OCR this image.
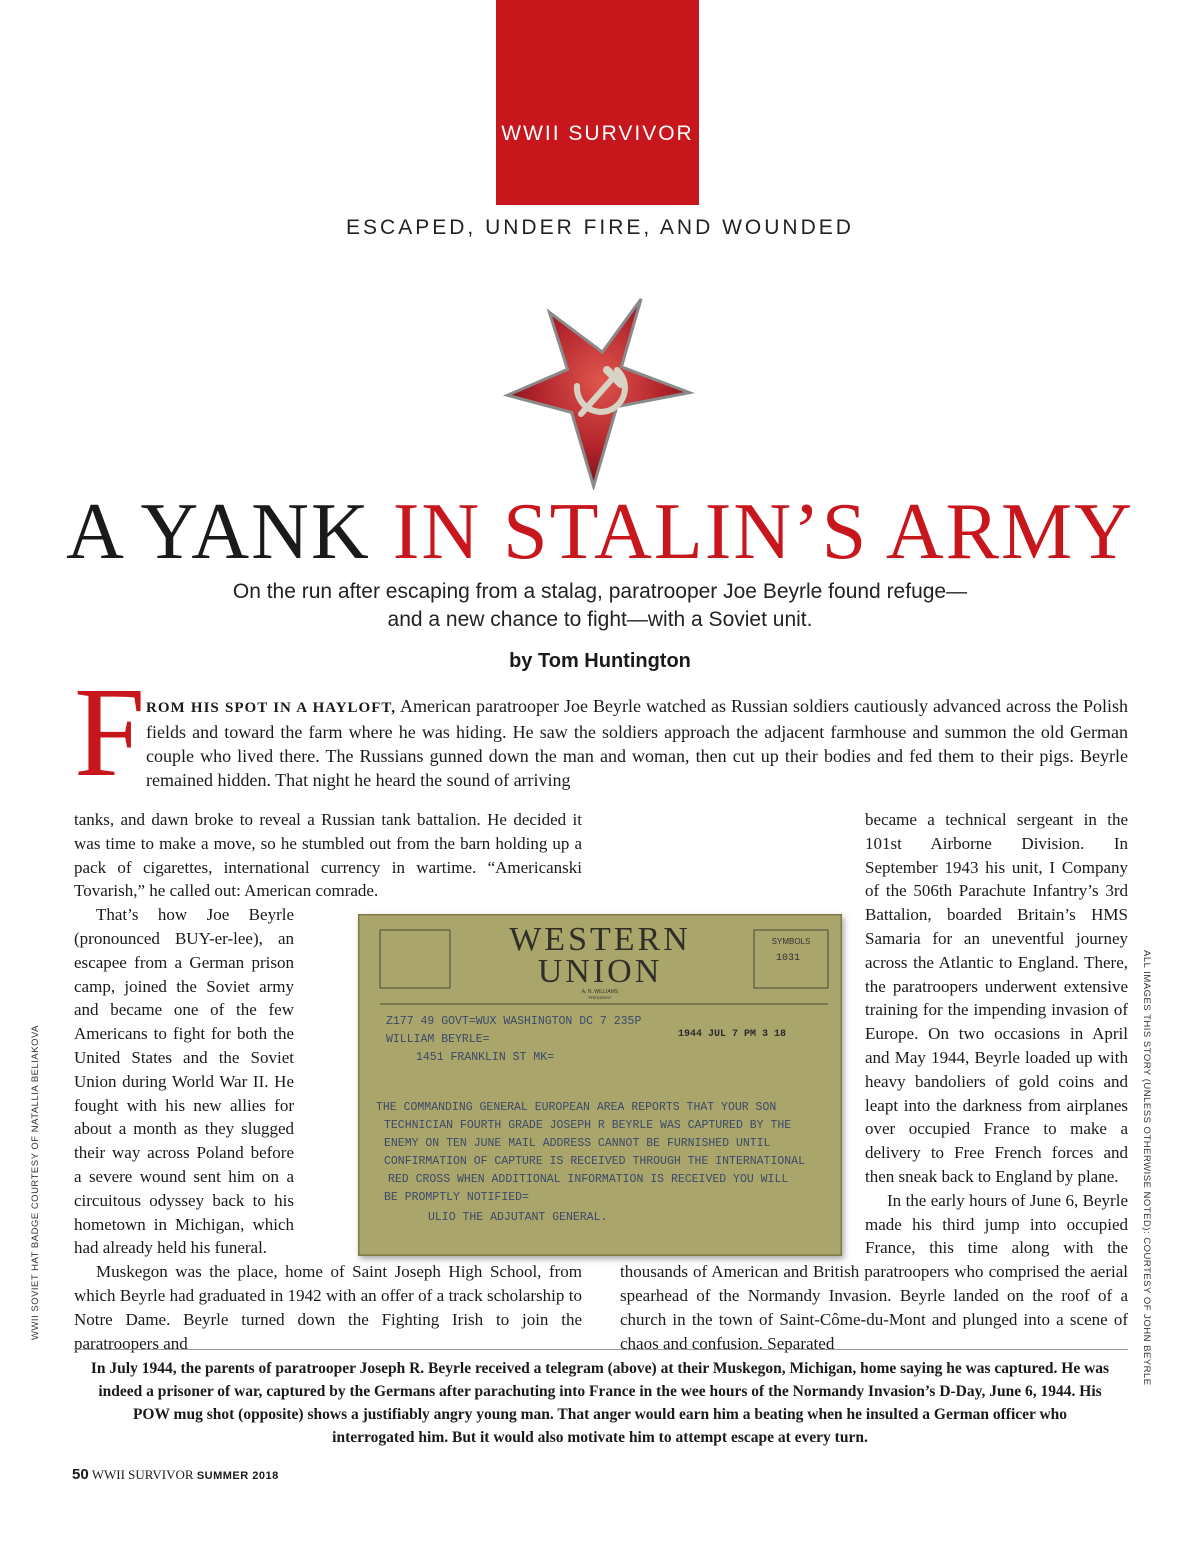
WWII SURVIVOR
ESCAPED, UNDER FIRE, AND WOUNDED
A YANK IN STALIN’S ARMY
On the run after escaping from a stalag, paratrooper Joe Beyrle found refuge—
and a new chance to fight—with a Soviet unit.
by Tom Huntington
F ROM HIS SPOT IN A HAYLOFT, American paratrooper Joe Beyrle watched as Russian soldiers cautiously advanced across the Polish fields and toward the farm where he was hiding. He saw the soldiers approach the adjacent farmhouse and summon the old German couple who lived there. The Russians gunned down the man and woman, then cut up their bodies and fed them to their pigs. Beyrle remained hidden. That night he heard the sound of arriving

tanks, and dawn broke to reveal a Russian tank battalion. He decided it was time to make a move, so he stumbled out from the barn holding up a pack of cigarettes, international currency in wartime. “Americanski Tovarish,” he called out: American comrade.

That’s how Joe Beyrle (pronounced BUY-er-lee), an escapee from a German prison camp, joined the Soviet army and became one of the few Americans to fight for both the United States and the Soviet Union during World War II. He fought with his new allies for about a month as they slugged their way across Poland before a severe wound sent him on a circuitous odyssey back to his hometown in Michigan, which had already held his funeral.

Muskegon was the place, home of Saint Joseph High School, from which Beyrle had graduated in 1942 with an offer of a track scholarship to Notre Dame. Beyrle turned down the Fighting Irish to join the paratroopers and

became a technical sergeant in the 101st Airborne Division. In September 1943 his unit, I Company of the 506th Parachute Infantry’s 3rd Battalion, boarded Britain’s HMS Samaria for an uneventful journey across the Atlantic to England. There, the paratroopers underwent extensive training for the impending invasion of Europe. On two occasions in April and May 1944, Beyrle loaded up with heavy bandoliers of gold coins and leapt into the darkness from airplanes over occupied France to make a delivery to Free French forces and then sneak back to England by plane.

In the early hours of June 6, Beyrle made his third jump into occupied France, this time along with the thousands of American and British paratroopers who comprised the aerial spearhead of the Normandy Invasion. Beyrle landed on the roof of a church in the town of Saint-Côme-du-Mont and plunged into a scene of chaos and confusion. Separated

SYMBOLS
1031
WESTERN
UNION
A. N. WILLIAMS
PRESIDENT
Z177 49 GOVT=WUX WASHINGTON DC 7 235P
WILLIAM BEYRLE=
1451 FRANKLIN ST MK=
THE COMMANDING GENERAL EUROPEAN AREA REPORTS THAT YOUR SON
TECHNICIAN FOURTH GRADE JOSEPH R BEYRLE WAS CAPTURED BY THE
ENEMY ON TEN JUNE MAIL ADDRESS CANNOT BE FURNISHED UNTIL
CONFIRMATION OF CAPTURE IS RECEIVED THROUGH THE INTERNATIONAL
RED CROSS WHEN ADDITIONAL INFORMATION IS RECEIVED YOU WILL
BE PROMPTLY NOTIFIED=
ULIO THE ADJUTANT GENERAL.
1944 JUL 7 PM 3 18
WWII SOVIET HAT BADGE COURTESY OF NATALLIA BELIAKOVA	ALL IMAGES THIS STORY (UNLESS OTHERWISE NOTED): COURTESY OF JOHN BEYRLE
In July 1944, the parents of paratrooper Joseph R. Beyrle received a telegram (above) at their Muskegon, Michigan, home saying he was captured. He was indeed a prisoner of war, captured by the Germans after parachuting into France in the wee hours of the Normandy Invasion’s D-Day, June 6, 1944. His POW mug shot (opposite) shows a justifiably angry young man. That anger would earn him a beating when he insulted a German officer who interrogated him. But it would also motivate him to attempt escape at every turn.
50 WWII SURVIVOR SUMMER 2018
